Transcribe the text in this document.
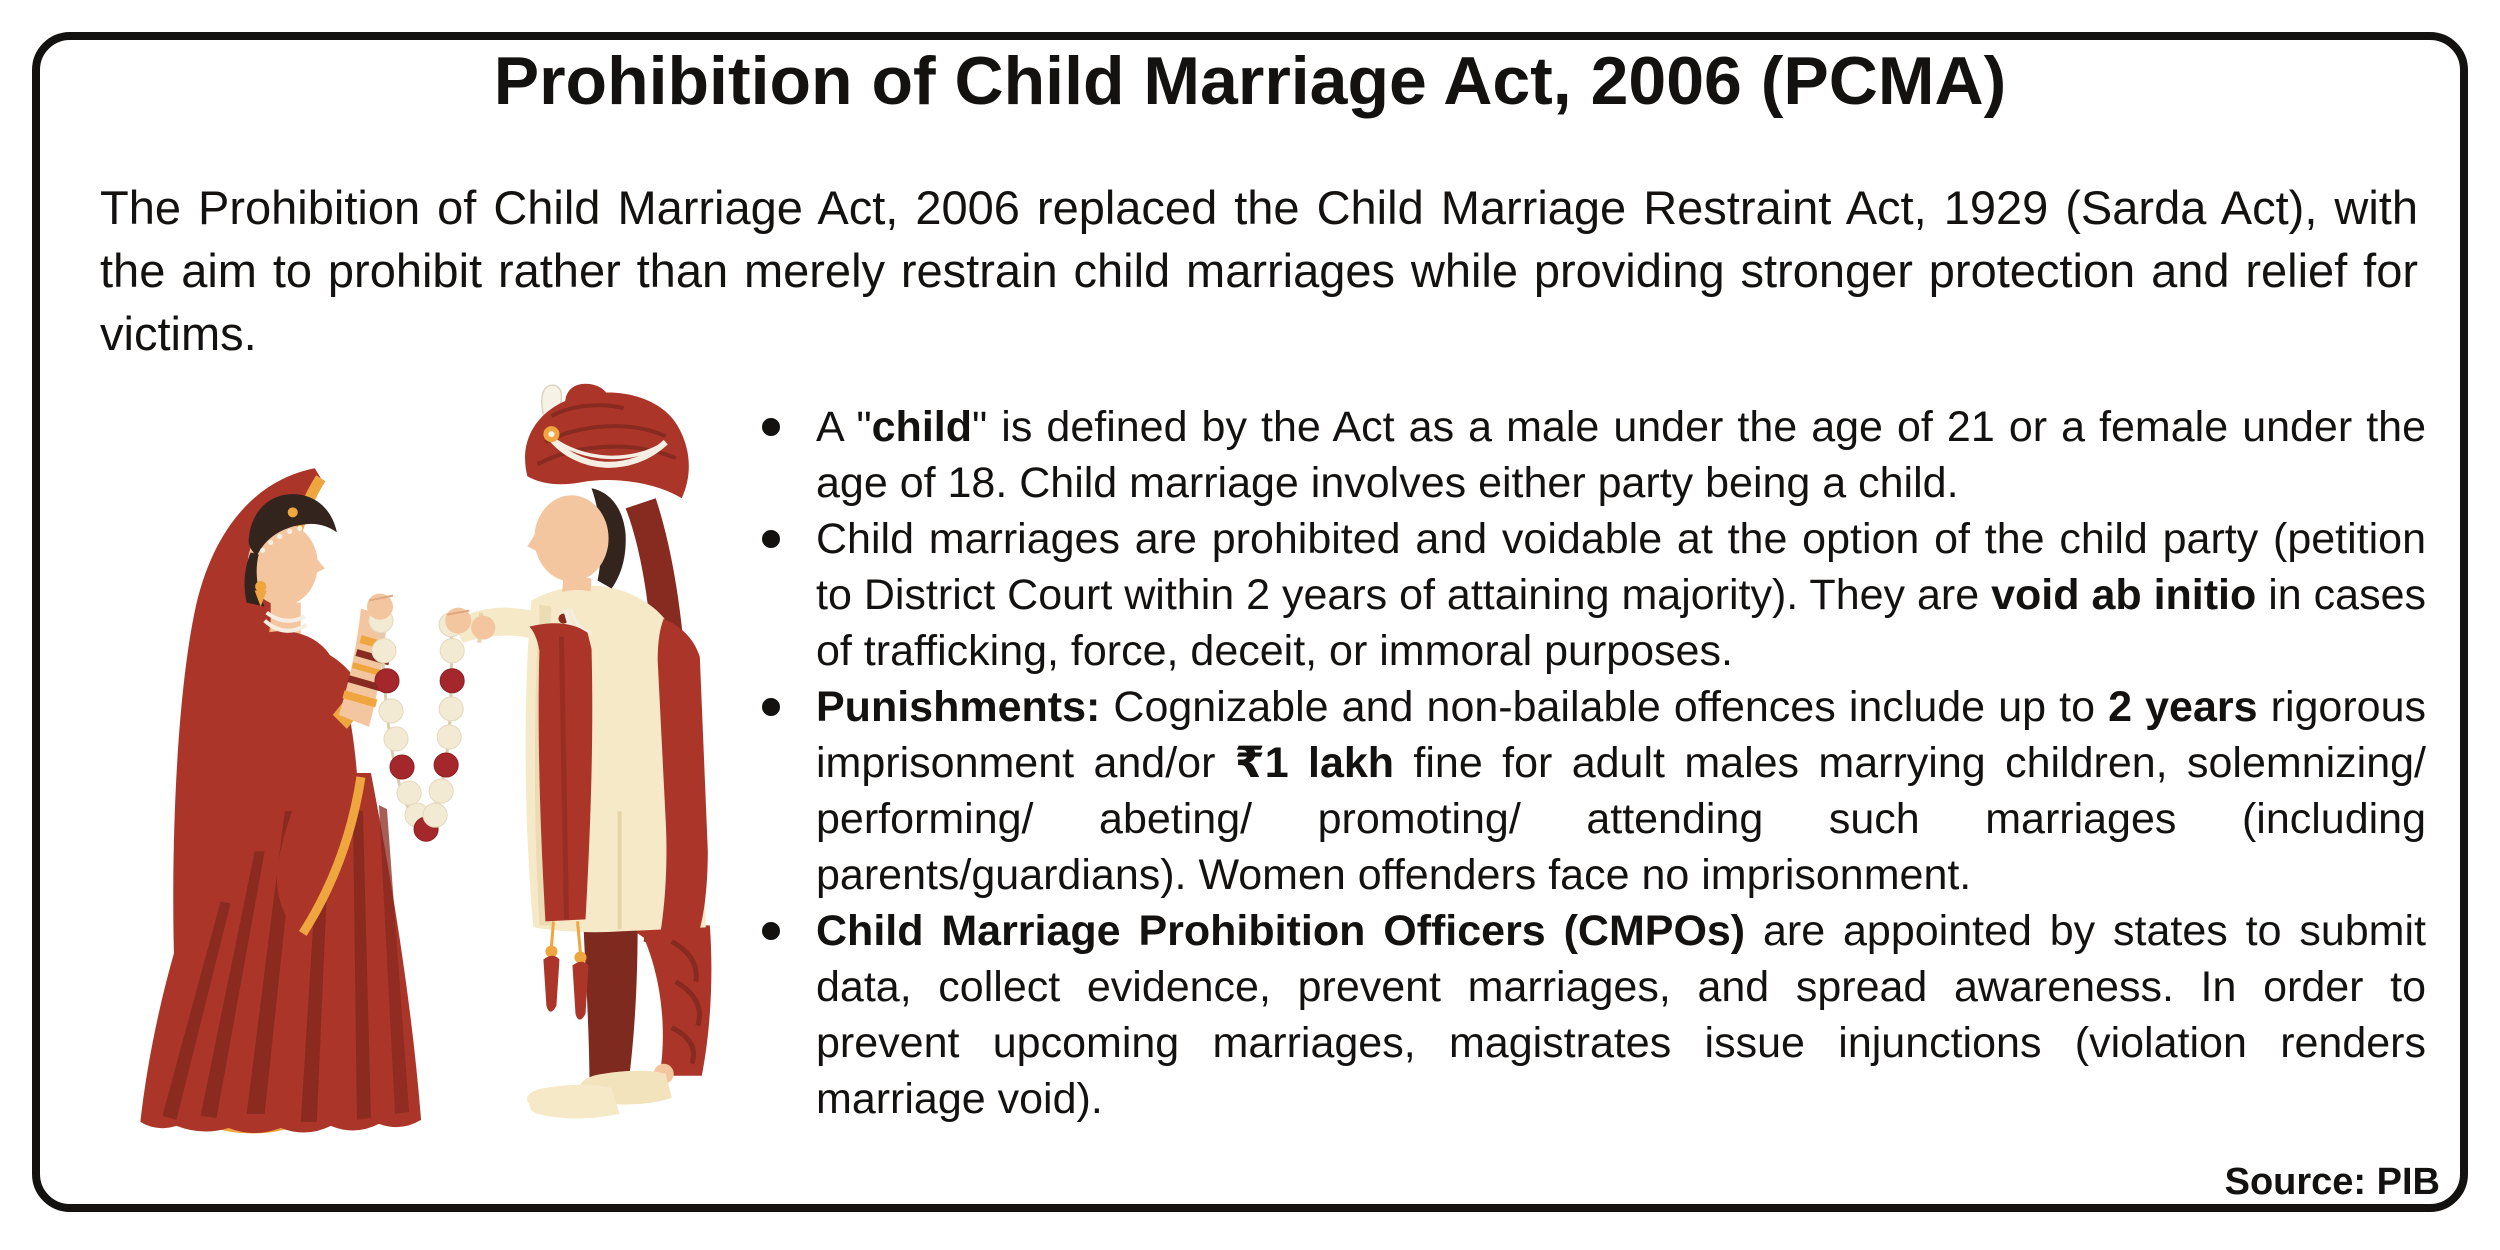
Prohibition of Child Marriage Act, 2006 (PCMA)

The Prohibition of Child Marriage Act, 2006 replaced the Child Marriage Restraint Act, 1929 (Sarda Act), with the aim to prohibit rather than merely restrain child marriages while providing stronger protection and relief for victims.

A "child" is defined by the Act as a male under the age of 21 or a female under the age of 18. Child marriage involves either party being a child.
Child marriages are prohibited and voidable at the option of the child party (petition to District Court within 2 years of attaining majority). They are void ab initio in cases of trafficking, force, deceit, or immoral purposes.
Punishments: Cognizable and non-bailable offences include up to 2 years rigorous imprisonment and/or ₹1 lakh fine for adult males marrying children, solemnizing/ performing/ abeting/ promoting/ attending such marriages (including parents/guardians). Women offenders face no imprisonment.
Child Marriage Prohibition Officers (CMPOs) are appointed by states to submit data, collect evidence, prevent marriages, and spread awareness. In order to prevent upcoming marriages, magistrates issue injunctions (violation renders marriage void).
Source: PIB
